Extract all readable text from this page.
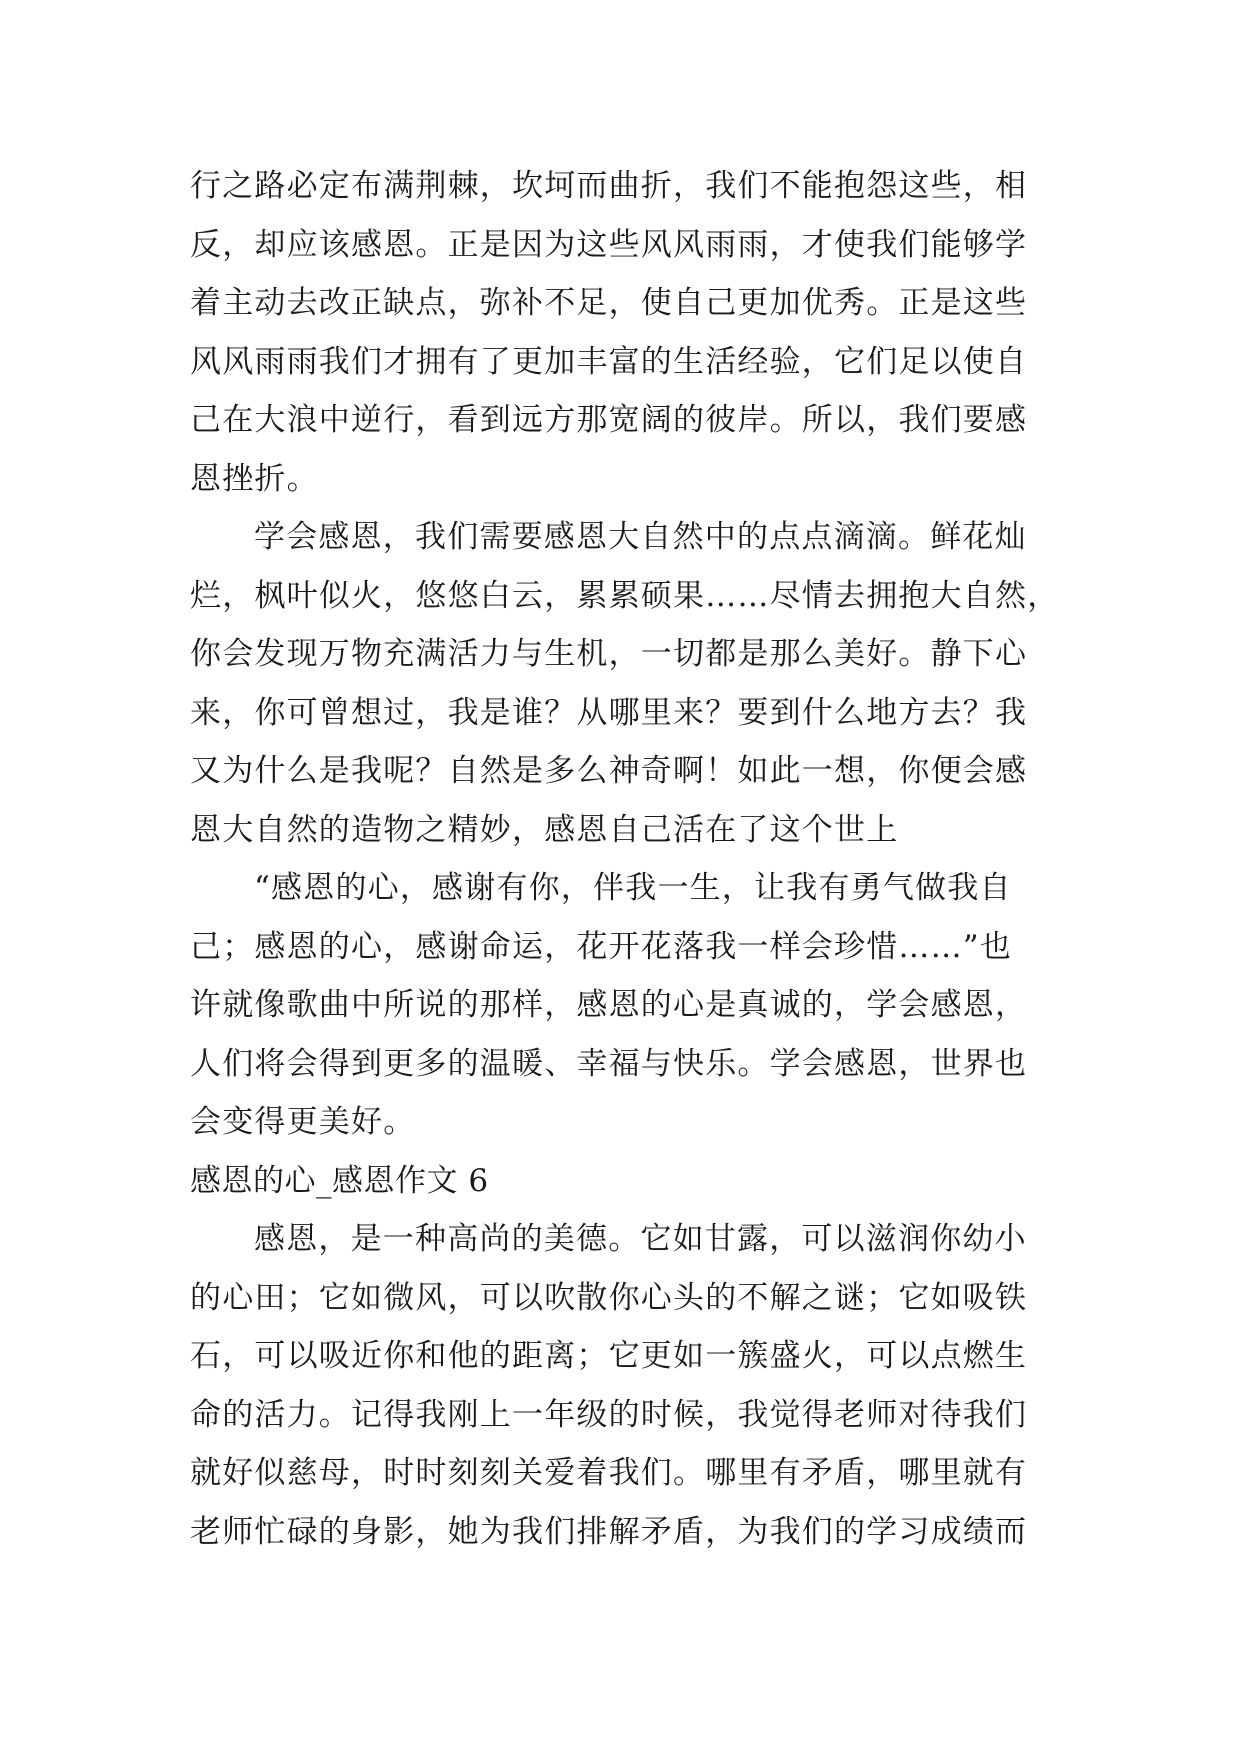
行之路必定布满荆棘，坎坷而曲折，我们不能抱怨这些，相
反，却应该感恩。正是因为这些风风雨雨，才使我们能够学
着主动去改正缺点，弥补不足，使自己更加优秀。正是这些
风风雨雨我们才拥有了更加丰富的生活经验，它们足以使自
己在大浪中逆行，看到远方那宽阔的彼岸。所以，我们要感
恩挫折。
学会感恩，我们需要感恩大自然中的点点滴滴。鲜花灿
烂，枫叶似火，悠悠白云，累累硕果……尽情去拥抱大自然，
你会发现万物充满活力与生机，一切都是那么美好。静下心
来，你可曾想过，我是谁？从哪里来？要到什么地方去？我
又为什么是我呢？自然是多么神奇啊！如此一想，你便会感
恩大自然的造物之精妙，感恩自己活在了这个世上
“感恩的心，感谢有你，伴我一生，让我有勇气做我自
己；感恩的心，感谢命运，花开花落我一样会珍惜……”也
许就像歌曲中所说的那样，感恩的心是真诚的，学会感恩，
人们将会得到更多的温暖、幸福与快乐。学会感恩，世界也
会变得更美好。
感恩的心_感恩作文 6
感恩，是一种高尚的美德。它如甘露，可以滋润你幼小
的心田；它如微风，可以吹散你心头的不解之谜；它如吸铁
石，可以吸近你和他的距离；它更如一簇盛火，可以点燃生
命的活力。记得我刚上一年级的时候，我觉得老师对待我们
就好似慈母，时时刻刻关爱着我们。哪里有矛盾，哪里就有
老师忙碌的身影，她为我们排解矛盾，为我们的学习成绩而
